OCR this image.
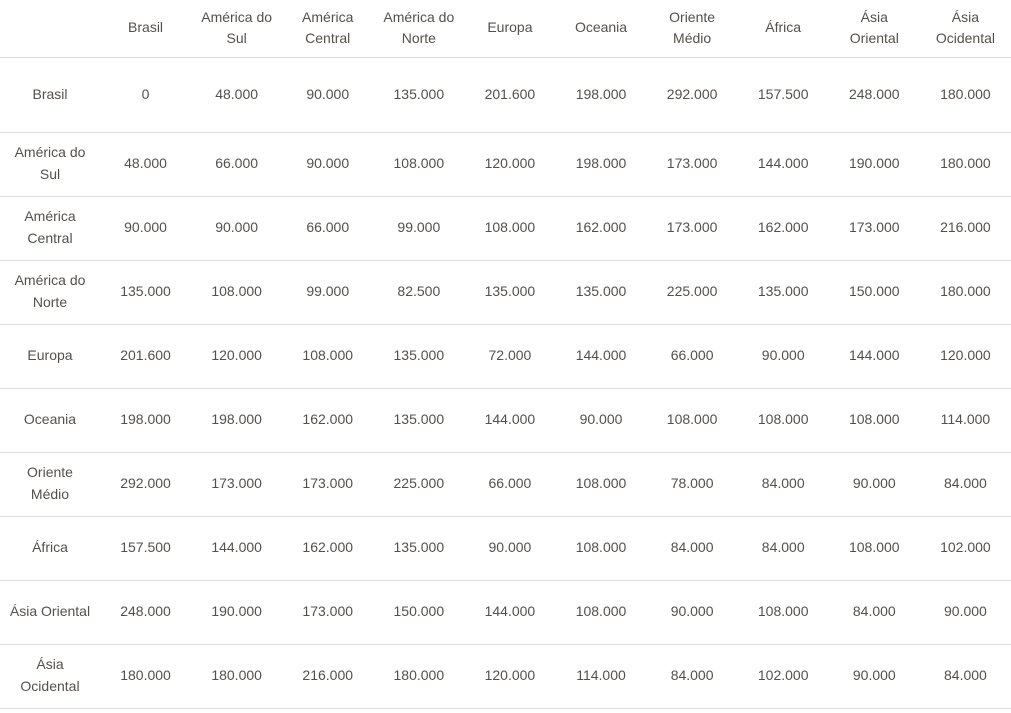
	Brasil	América do Sul	América Central	América do Norte	Europa	Oceania	Oriente Médio	África	Ásia Oriental	Ásia Ocidental
Brasil	0	48.000	90.000	135.000	201.600	198.000	292.000	157.500	248.000	180.000
América do Sul	48.000	66.000	90.000	108.000	120.000	198.000	173.000	144.000	190.000	180.000
América Central	90.000	90.000	66.000	99.000	108.000	162.000	173.000	162.000	173.000	216.000
América do Norte	135.000	108.000	99.000	82.500	135.000	135.000	225.000	135.000	150.000	180.000
Europa	201.600	120.000	108.000	135.000	72.000	144.000	66.000	90.000	144.000	120.000
Oceania	198.000	198.000	162.000	135.000	144.000	90.000	108.000	108.000	108.000	114.000
Oriente Médio	292.000	173.000	173.000	225.000	66.000	108.000	78.000	84.000	90.000	84.000
África	157.500	144.000	162.000	135.000	90.000	108.000	84.000	84.000	108.000	102.000
Ásia Oriental	248.000	190.000	173.000	150.000	144.000	108.000	90.000	108.000	84.000	90.000
Ásia Ocidental	180.000	180.000	216.000	180.000	120.000	114.000	84.000	102.000	90.000	84.000
